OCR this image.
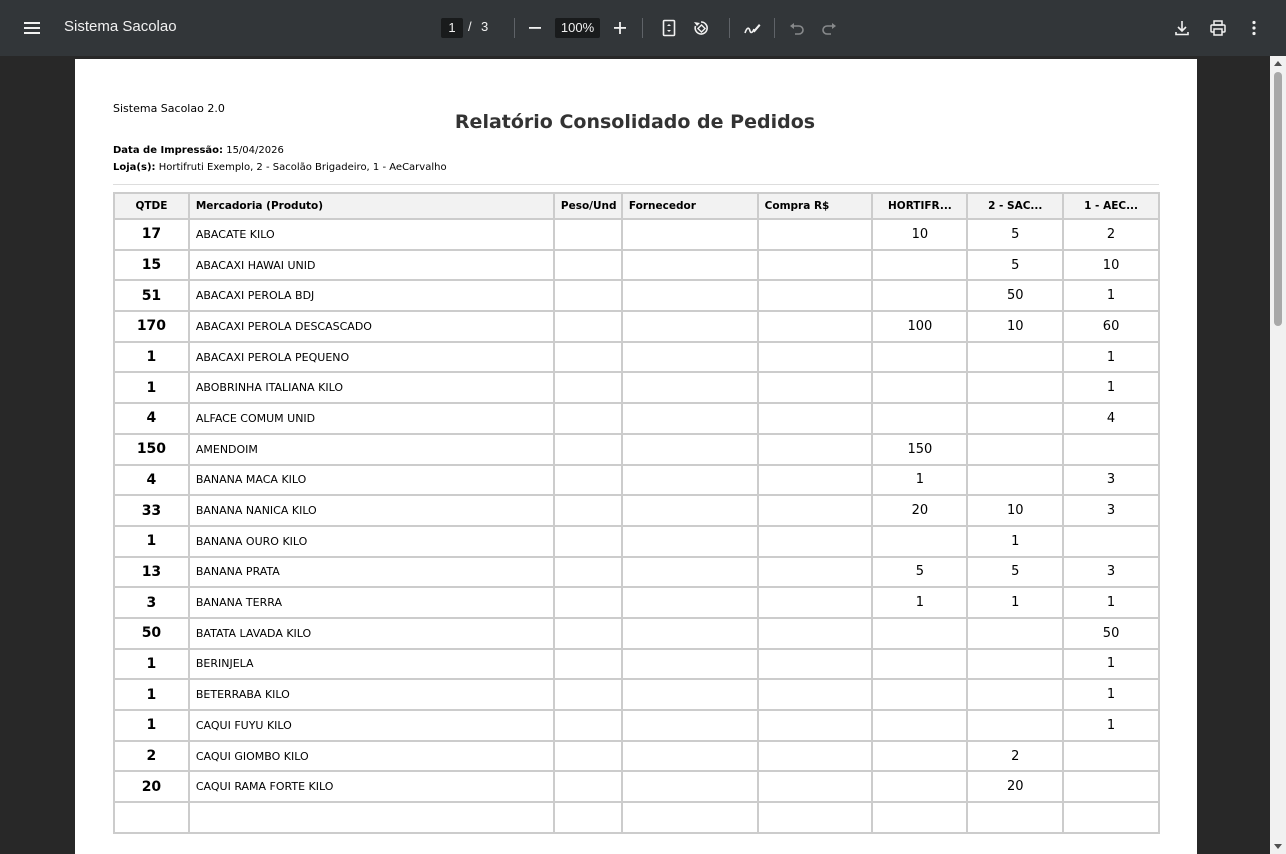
Sistema Sacolao	1 / 3	100%
Sistema Sacolao 2.0
Relatório Consolidado de Pedidos
Data de Impressão: 15/04/2026
Loja(s): Hortifruti Exemplo, 2 - Sacolão Brigadeiro, 1 - AeCarvalho
QTDE	Mercadoria (Produto)	Peso/Und	Fornecedor	Compra R$	HORTIFR...	2 - SAC...	1 - AEC...
17	ABACATE KILO				10	5	2
15	ABACAXI HAWAI UNID					5	10
51	ABACAXI PEROLA BDJ					50	1
170	ABACAXI PEROLA DESCASCADO				100	10	60
1	ABACAXI PEROLA PEQUENO						1
1	ABOBRINHA ITALIANA KILO						1
4	ALFACE COMUM UNID						4
150	AMENDOIM				150		
4	BANANA MACA KILO				1		3
33	BANANA NANICA KILO				20	10	3
1	BANANA OURO KILO					1	
13	BANANA PRATA				5	5	3
3	BANANA TERRA				1	1	1
50	BATATA LAVADA KILO						50
1	BERINJELA						1
1	BETERRABA KILO						1
1	CAQUI FUYU KILO						1
2	CAQUI GIOMBO KILO					2	
20	CAQUI RAMA FORTE KILO					20	
